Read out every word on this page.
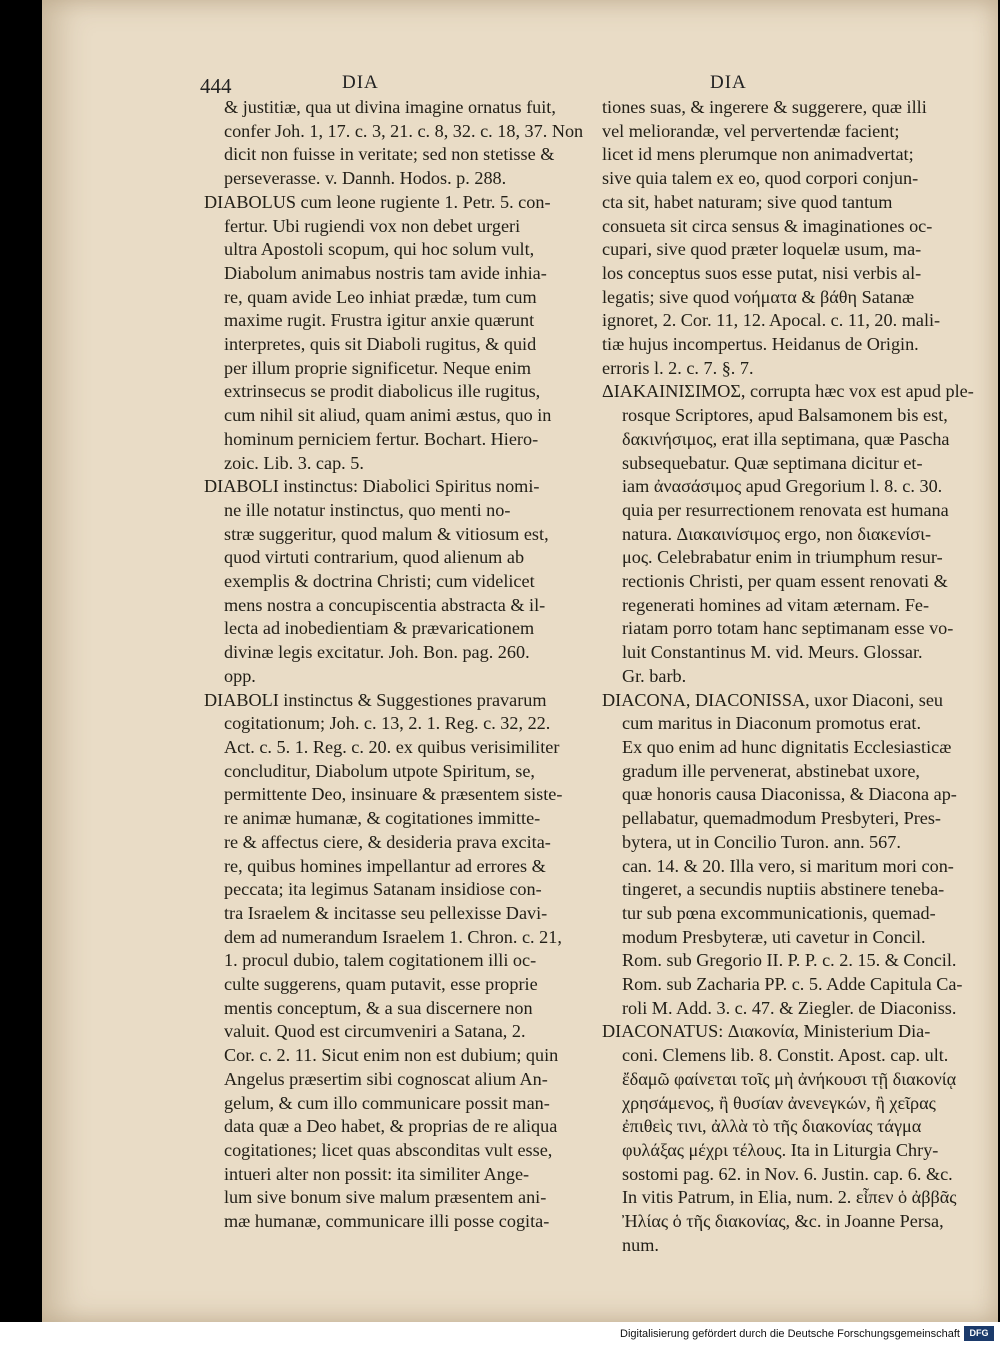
444	DIA	DIA
& justitiæ, qua ut divina imagine ornatus fuit,
confer Joh. 1, 17. c. 3, 21. c. 8, 32. c. 18, 37. Non
dicit non fuisse in veritate; sed non stetisse &
perseverasse. v. Dannh. Hodos. p. 288.
DIABOLUS cum leone rugiente 1. Petr. 5. con-
fertur. Ubi rugiendi vox non debet urgeri
ultra Apostoli scopum, qui hoc solum vult,
Diabolum animabus nostris tam avide inhia-
re, quam avide Leo inhiat prædæ, tum cum
maxime rugit. Frustra igitur anxie quærunt
interpretes, quis sit Diaboli rugitus, & quid
per illum proprie significetur. Neque enim
extrinsecus se prodit diabolicus ille rugitus,
cum nihil sit aliud, quam animi æstus, quo in
hominum perniciem fertur. Bochart. Hiero-
zoic. Lib. 3. cap. 5.
DIABOLI instinctus: Diabolici Spiritus nomi-
ne ille notatur instinctus, quo menti no-
stræ suggeritur, quod malum & vitiosum est,
quod virtuti contrarium, quod alienum ab
exemplis & doctrina Christi; cum videlicet
mens nostra a concupiscentia abstracta & il-
lecta ad inobedientiam & prævaricationem
divinæ legis excitatur. Joh. Bon. pag. 260.
opp.
DIABOLI instinctus & Suggestiones pravarum
cogitationum; Joh. c. 13, 2. 1. Reg. c. 32, 22.
Act. c. 5. 1. Reg. c. 20. ex quibus verisimiliter
concluditur, Diabolum utpote Spiritum, se,
permittente Deo, insinuare & præsentem siste-
re animæ humanæ, & cogitationes immitte-
re & affectus ciere, & desideria prava excita-
re, quibus homines impellantur ad errores &
peccata; ita legimus Satanam insidiose con-
tra Israelem & incitasse seu pellexisse Davi-
dem ad numerandum Israelem 1. Chron. c. 21,
1. procul dubio, talem cogitationem illi oc-
culte suggerens, quam putavit, esse proprie
mentis conceptum, & a sua discernere non
valuit. Quod est circumveniri a Satana, 2.
Cor. c. 2. 11. Sicut enim non est dubium; quin
Angelus præsertim sibi cognoscat alium An-
gelum, & cum illo communicare possit man-
data quæ a Deo habet, & proprias de re aliqua
cogitationes; licet quas absconditas vult esse,
intueri alter non possit: ita similiter Ange-
lum sive bonum sive malum præsentem ani-
mæ humanæ, communicare illi posse cogita-
tiones suas, & ingerere & suggerere, quæ illi
vel meliorandæ, vel pervertendæ facient;
licet id mens plerumque non animadvertat;
sive quia talem ex eo, quod corpori conjun-
cta sit, habet naturam; sive quod tantum
consueta sit circa sensus & imaginationes oc-
cupari, sive quod præter loquelæ usum, ma-
los conceptus suos esse putat, nisi verbis al-
legatis; sive quod νοήματα & βάθη Satanæ
ignoret, 2. Cor. 11, 12. Apocal. c. 11, 20. mali-
tiæ hujus incompertus. Heidanus de Origin.
erroris l. 2. c. 7. §. 7.
ΔΙΑΚΑΙΝΙΣΙΜΟΣ, corrupta hæc vox est apud ple-
rosque Scriptores, apud Balsamonem bis est,
δακινήσιμος, erat illa septimana, quæ Pascha
subsequebatur. Quæ septimana dicitur et-
iam ἀνασάσιμος apud Gregorium l. 8. c. 30.
quia per resurrectionem renovata est humana
natura. Διακαινίσιμος ergo, non διακενίσι-
μος. Celebrabatur enim in triumphum resur-
rectionis Christi, per quam essent renovati &
regenerati homines ad vitam æternam. Fe-
riatam porro totam hanc septimanam esse vo-
luit Constantinus M. vid. Meurs. Glossar.
Gr. barb.
DIACONA, DIACONISSA, uxor Diaconi, seu
cum maritus in Diaconum promotus erat.
Ex quo enim ad hunc dignitatis Ecclesiasticæ
gradum ille pervenerat, abstinebat uxore,
quæ honoris causa Diaconissa, & Diacona ap-
pellabatur, quemadmodum Presbyteri, Pres-
bytera, ut in Concilio Turon. ann. 567.
can. 14. & 20. Illa vero, si maritum mori con-
tingeret, a secundis nuptiis abstinere teneba-
tur sub pœna excommunicationis, quemad-
modum Presbyteræ, uti cavetur in Concil.
Rom. sub Gregorio II. P. P. c. 2. 15. & Concil.
Rom. sub Zacharia PP. c. 5. Adde Capitula Ca-
roli M. Add. 3. c. 47. & Ziegler. de Diaconiss.
DIACONATUS: Διακονία, Ministerium Dia-
coni. Clemens lib. 8. Constit. Apost. cap. ult.
ἔδαμῶ φαίνεται τοῖς μὴ ἀνήκουσι τῇ διακονίᾳ
χρησάμενος, ἢ θυσίαν ἀνενεγκών, ἢ χεῖρας
ἐπιθεὶς τινι, ἀλλὰ τὸ τῆς διακονίας τάγμα
φυλάξας μέχρι τέλους. Ita in Liturgia Chry-
sostomi pag. 62. in Nov. 6. Justin. cap. 6. &c.
In vitis Patrum, in Elia, num. 2. εἶπεν ὁ ἀββᾶς
Ἠλίας ὁ τῆς διακονίας, &c. in Joanne Persa,
num.
Digitalisierung gefördert durch die Deutsche Forschungsgemeinschaft	DFG
